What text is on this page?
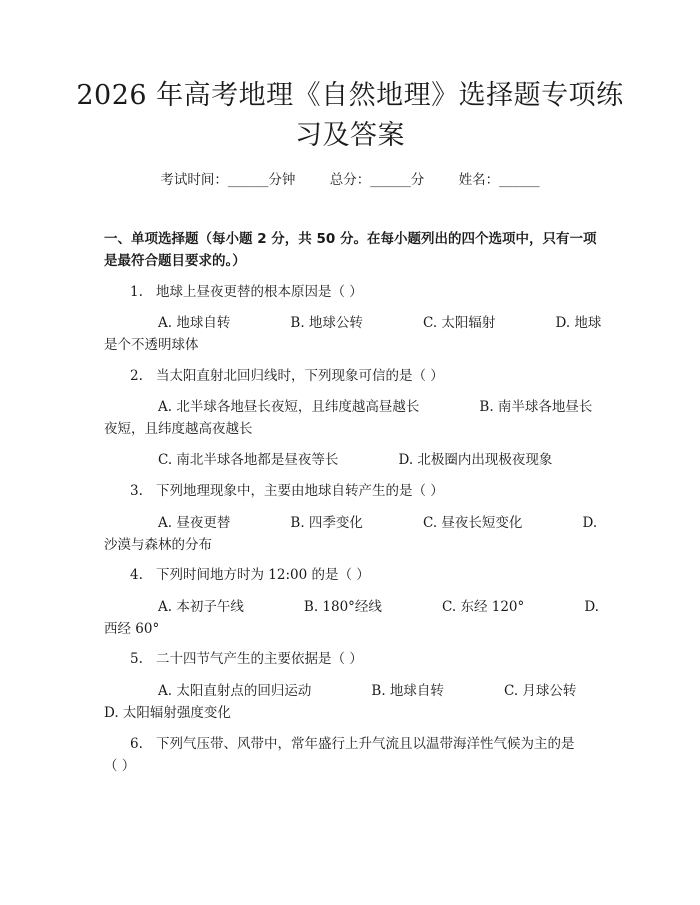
2026 年高考地理《自然地理》选择题专项练
习及答案
考试时间：______分钟	总分：______分	姓名：______
一、单项选择题（每小题 2 分，共 50 分。在每小题列出的四个选项中，只有一项
是最符合题目要求的。）
1. 地球上昼夜更替的根本原因是（ ）
A. 地球自转              B. 地球公转              C. 太阳辐射              D. 地球
是个不透明球体
2. 当太阳直射北回归线时，下列现象可信的是（ ）
A. 北半球各地昼长夜短，且纬度越高昼越长              B. 南半球各地昼长
夜短，且纬度越高夜越长
C. 南北半球各地都是昼夜等长              D. 北极圈内出现极夜现象
3. 下列地理现象中，主要由地球自转产生的是（ ）
A. 昼夜更替              B. 四季变化              C. 昼夜长短变化              D.
沙漠与森林的分布
4. 下列时间地方时为 12:00 的是（ ）
A. 本初子午线              B. 180°经线              C. 东经 120°              D.
西经 60°
5. 二十四节气产生的主要依据是（ ）
A. 太阳直射点的回归运动              B. 地球自转              C. 月球公转
D. 太阳辐射强度变化
6. 下列气压带、风带中，常年盛行上升气流且以温带海洋性气候为主的是
（ ）
